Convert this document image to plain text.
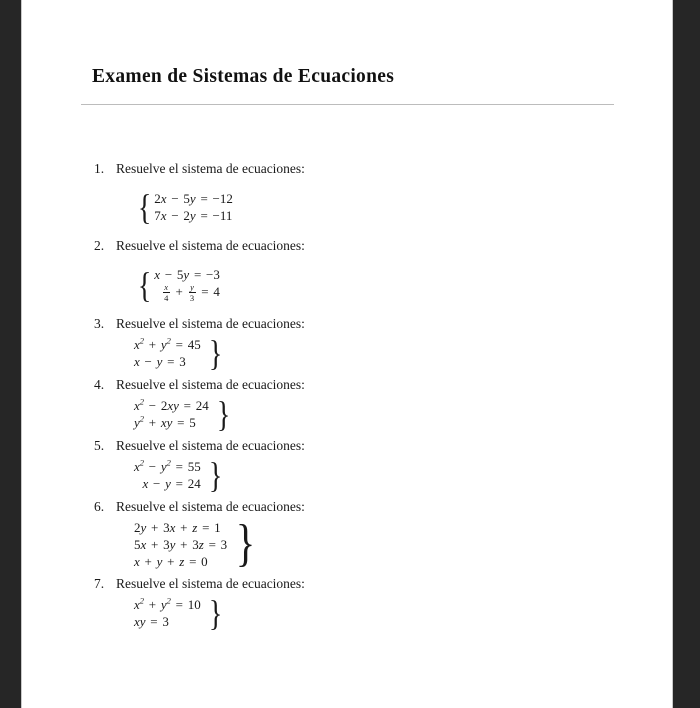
Examen de Sistemas de Ecuaciones
1. Resuelve el sistema de ecuaciones:
{ 2x − 5y = −12
7x − 2y = −11
2. Resuelve el sistema de ecuaciones:
{ x − 5y = −3
$\frac{x}{4} + \frac{y}{3} = 4$
3. Resuelve el sistema de ecuaciones:
$x^2 + y^2 = 45$
x − y = 3 }
4. Resuelve el sistema de ecuaciones:
$x^2 - 2xy = 24$
$y^2$ + xy = 5 }
5. Resuelve el sistema de ecuaciones:
$x^2 - y^2 = 55$
x − y = 24 }
6. Resuelve el sistema de ecuaciones:
2y + 3x + z = 1
5x + 3y + 3z = 3
x + y + z = 0 }
7. Resuelve el sistema de ecuaciones:
$x^2 + y^2 = 10$
xy = 3	}
